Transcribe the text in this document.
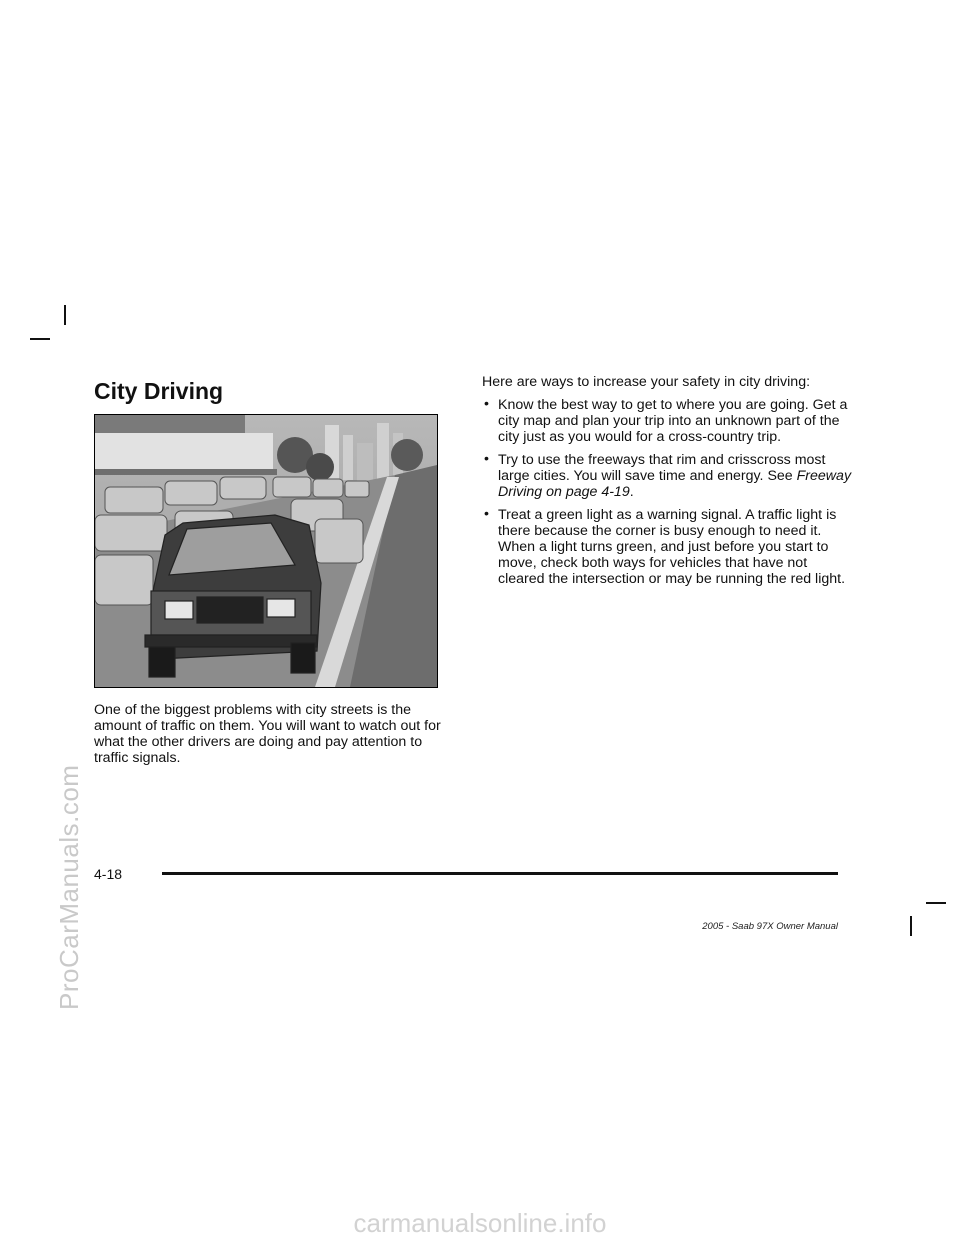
ProCarManuals.com
City Driving
One of the biggest problems with city streets is the amount of traffic on them. You will want to watch out for what the other drivers are doing and pay attention to traffic signals.

Here are ways to increase your safety in city driving:

• Know the best way to get to where you are going. Get a city map and plan your trip into an unknown part of the city just as you would for a cross-country trip.
• Try to use the freeways that rim and crisscross most large cities. You will save time and energy. See Freeway Driving on page 4-19.
• Treat a green light as a warning signal. A traffic light is there because the corner is busy enough to need it. When a light turns green, and just before you start to move, check both ways for vehicles that have not cleared the intersection or may be running the red light.
4-18
2005 - Saab 97X Owner Manual
carmanualsonline.info
